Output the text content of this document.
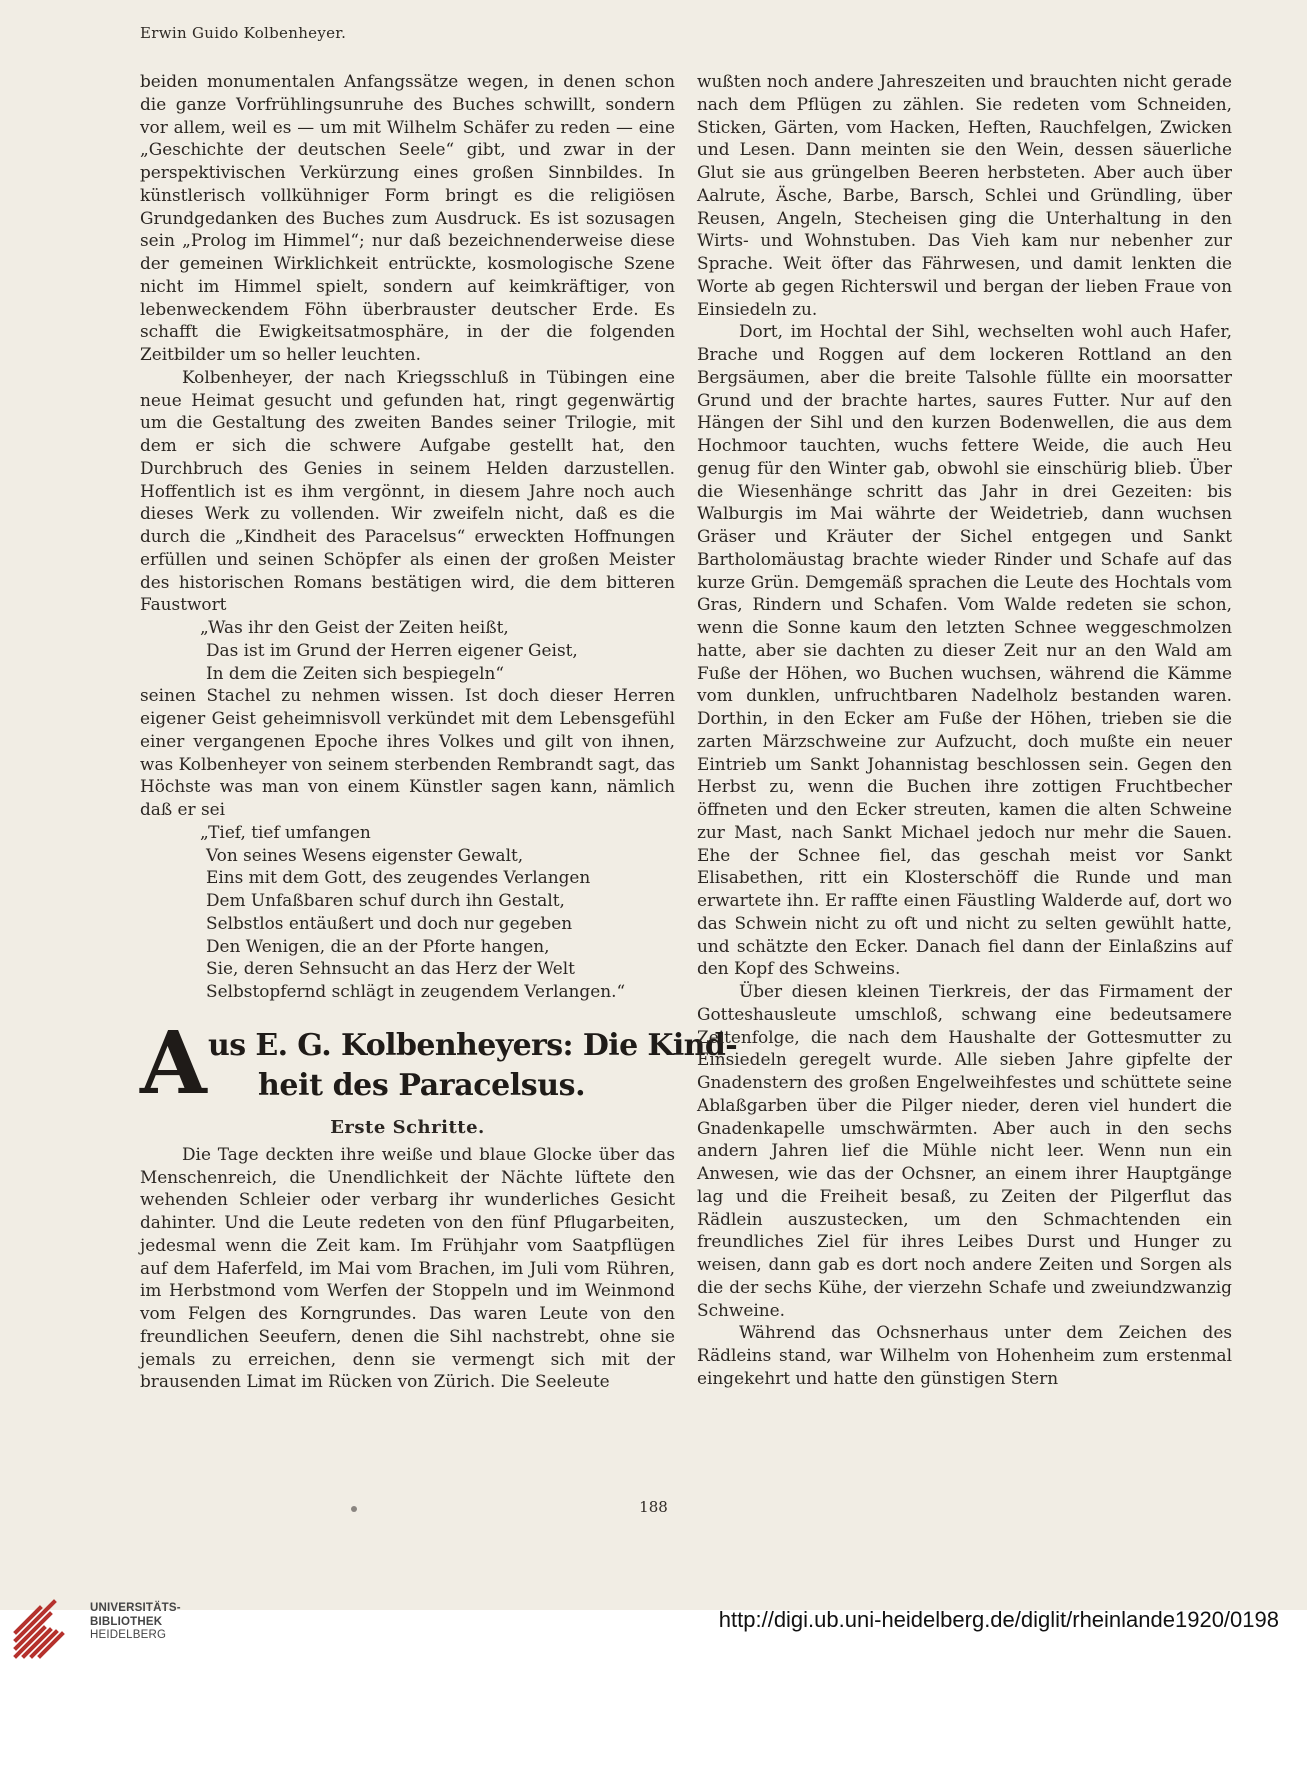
Erwin Guido Kolbenheyer.

beiden monumentalen Anfangssätze wegen, in denen schon die ganze Vorfrühlingsunruhe des Buches schwillt, sondern vor allem, weil es — um mit Wilhelm Schäfer zu reden — eine „Geschichte der deutschen Seele“ gibt, und zwar in der perspektivischen Verkürzung eines großen Sinnbildes. In künstlerisch vollkühniger Form bringt es die religiösen Grundgedanken des Buches zum Ausdruck. Es ist sozusagen sein „Prolog im Himmel“; nur daß bezeichnenderweise diese der gemeinen Wirklichkeit entrückte, kosmologische Szene nicht im Himmel spielt, sondern auf keimkräftiger, von lebenweckendem Föhn überbrauster deutscher Erde. Es schafft die Ewigkeitsatmosphäre, in der die folgenden Zeitbilder um so heller leuchten.

Kolbenheyer, der nach Kriegsschluß in Tübingen eine neue Heimat gesucht und gefunden hat, ringt gegenwärtig um die Gestaltung des zweiten Bandes seiner Trilogie, mit dem er sich die schwere Aufgabe gestellt hat, den Durchbruch des Genies in seinem Helden darzustellen. Hoffentlich ist es ihm vergönnt, in diesem Jahre noch auch dieses Werk zu vollenden. Wir zweifeln nicht, daß es die durch die „Kindheit des Paracelsus“ erweckten Hoffnungen erfüllen und seinen Schöpfer als einen der großen Meister des historischen Romans bestätigen wird, die dem bitteren Faustwort

„Was ihr den Geist der Zeiten heißt,
Das ist im Grund der Herren eigener Geist,
In dem die Zeiten sich bespiegeln“

seinen Stachel zu nehmen wissen. Ist doch dieser Herren eigener Geist geheimnisvoll verkündet mit dem Lebensgefühl einer vergangenen Epoche ihres Volkes und gilt von ihnen, was Kolbenheyer von seinem sterbenden Rembrandt sagt, das Höchste was man von einem Künstler sagen kann, nämlich daß er sei

„Tief, tief umfangen
Von seines Wesens eigenster Gewalt,
Eins mit dem Gott, des zeugendes Verlangen
Dem Unfaßbaren schuf durch ihn Gestalt,
Selbstlos entäußert und doch nur gegeben
Den Wenigen, die an der Pforte hangen,
Sie, deren Sehnsucht an das Herz der Welt
Selbstopfernd schlägt in zeugendem Verlangen.“
A us E. G. Kolbenheyers: Die Kind-
heit des Paracelsus.
Erste Schritte.

Die Tage deckten ihre weiße und blaue Glocke über das Menschenreich, die Unendlichkeit der Nächte lüftete den wehenden Schleier oder verbarg ihr wunderliches Gesicht dahinter. Und die Leute redeten von den fünf Pflugarbeiten, jedesmal wenn die Zeit kam. Im Frühjahr vom Saatpflügen auf dem Haferfeld, im Mai vom Brachen, im Juli vom Rühren, im Herbstmond vom Werfen der Stoppeln und im Weinmond vom Felgen des Korngrundes. Das waren Leute von den freundlichen Seeufern, denen die Sihl nachstrebt, ohne sie jemals zu erreichen, denn sie vermengt sich mit der brausenden Limat im Rücken von Zürich. Die Seeleute

wußten noch andere Jahreszeiten und brauchten nicht gerade nach dem Pflügen zu zählen. Sie redeten vom Schneiden, Sticken, Gärten, vom Hacken, Heften, Rauchfelgen, Zwicken und Lesen. Dann meinten sie den Wein, dessen säuerliche Glut sie aus grüngelben Beeren herbsteten. Aber auch über Aalrute, Äsche, Barbe, Barsch, Schlei und Gründling, über Reusen, Angeln, Stecheisen ging die Unterhaltung in den Wirts- und Wohnstuben. Das Vieh kam nur nebenher zur Sprache. Weit öfter das Fährwesen, und damit lenkten die Worte ab gegen Richterswil und bergan der lieben Fraue von Einsiedeln zu.

Dort, im Hochtal der Sihl, wechselten wohl auch Hafer, Brache und Roggen auf dem lockeren Rottland an den Bergsäumen, aber die breite Talsohle füllte ein moorsatter Grund und der brachte hartes, saures Futter. Nur auf den Hängen der Sihl und den kurzen Bodenwellen, die aus dem Hochmoor tauchten, wuchs fettere Weide, die auch Heu genug für den Winter gab, obwohl sie einschürig blieb. Über die Wiesenhänge schritt das Jahr in drei Gezeiten: bis Walburgis im Mai währte der Weidetrieb, dann wuchsen Gräser und Kräuter der Sichel entgegen und Sankt Bartholomäustag brachte wieder Rinder und Schafe auf das kurze Grün. Demgemäß sprachen die Leute des Hochtals vom Gras, Rindern und Schafen. Vom Walde redeten sie schon, wenn die Sonne kaum den letzten Schnee weggeschmolzen hatte, aber sie dachten zu dieser Zeit nur an den Wald am Fuße der Höhen, wo Buchen wuchsen, während die Kämme vom dunklen, unfruchtbaren Nadelholz bestanden waren. Dorthin, in den Ecker am Fuße der Höhen, trieben sie die zarten Märzschweine zur Aufzucht, doch mußte ein neuer Eintrieb um Sankt Johannistag beschlossen sein. Gegen den Herbst zu, wenn die Buchen ihre zottigen Fruchtbecher öffneten und den Ecker streuten, kamen die alten Schweine zur Mast, nach Sankt Michael jedoch nur mehr die Sauen. Ehe der Schnee fiel, das geschah meist vor Sankt Elisabethen, ritt ein Klosterschöff die Runde und man erwartete ihn. Er raffte einen Fäustling Walderde auf, dort wo das Schwein nicht zu oft und nicht zu selten gewühlt hatte, und schätzte den Ecker. Danach fiel dann der Einlaßzins auf den Kopf des Schweins.

Über diesen kleinen Tierkreis, der das Firmament der Gotteshausleute umschloß, schwang eine bedeutsamere Zeitenfolge, die nach dem Haushalte der Gottesmutter zu Einsiedeln geregelt wurde. Alle sieben Jahre gipfelte der Gnadenstern des großen Engelweihfestes und schüttete seine Ablaßgarben über die Pilger nieder, deren viel hundert die Gnadenkapelle umschwärmten. Aber auch in den sechs andern Jahren lief die Mühle nicht leer. Wenn nun ein Anwesen, wie das der Ochsner, an einem ihrer Hauptgänge lag und die Freiheit besaß, zu Zeiten der Pilgerflut das Rädlein auszustecken, um den Schmachtenden ein freundliches Ziel für ihres Leibes Durst und Hunger zu weisen, dann gab es dort noch andere Zeiten und Sorgen als die der sechs Kühe, der vierzehn Schafe und zweiundzwanzig Schweine.

Während das Ochsnerhaus unter dem Zeichen des Rädleins stand, war Wilhelm von Hohenheim zum erstenmal eingekehrt und hatte den günstigen Stern

188
UNIVERSITÄTS-
BIBLIOTHEK
HEIDELBERG
http://digi.ub.uni-heidelberg.de/diglit/rheinlande1920/0198
